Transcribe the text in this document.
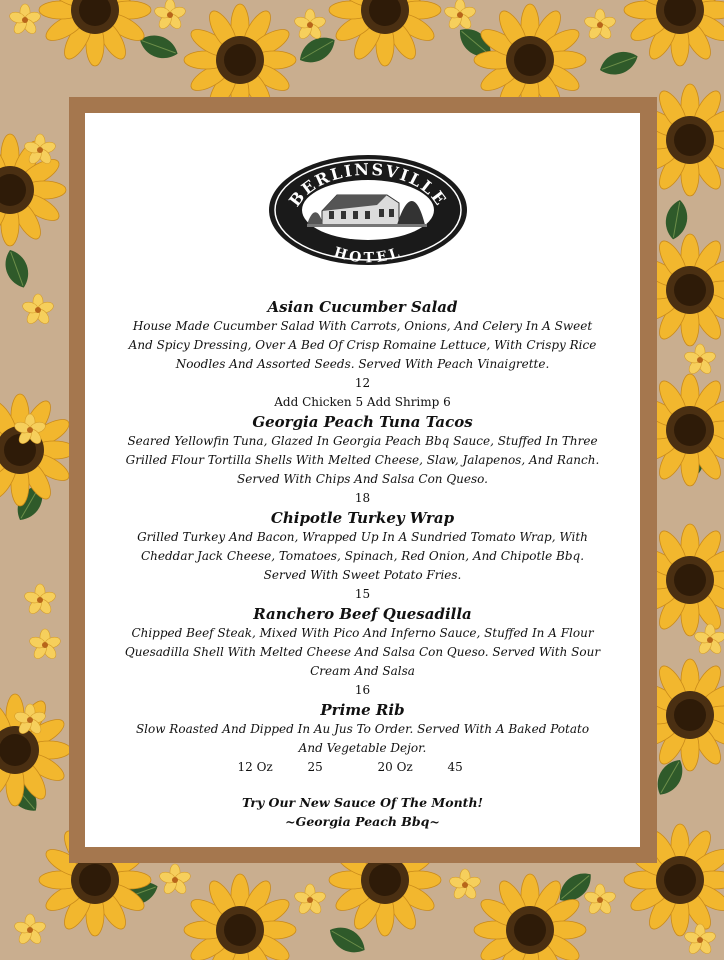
BERLINSVILLE
HOTEL

Asian Cucumber Salad

House Made Cucumber Salad With Carrots, Onions, And Celery In A Sweet
And Spicy Dressing, Over A Bed Of Crisp Romaine Lettuce, With Crispy Rice
Noodles And Assorted Seeds. Served With Peach Vinaigrette.

12

Add Chicken 5 Add Shrimp 6

Georgia Peach Tuna Tacos

Seared Yellowfin Tuna, Glazed In Georgia Peach Bbq Sauce, Stuffed In Three
Grilled Flour Tortilla Shells With Melted Cheese, Slaw, Jalapenos, And Ranch.
Served With Chips And Salsa Con Queso.

18

Chipotle Turkey Wrap

Grilled Turkey And Bacon, Wrapped Up In A Sundried Tomato Wrap, With
Cheddar Jack Cheese, Tomatoes, Spinach, Red Onion, And Chipotle Bbq.
Served With Sweet Potato Fries.

15

Ranchero Beef Quesadilla

Chipped Beef Steak, Mixed With Pico And Inferno Sauce, Stuffed In A Flour
Quesadilla Shell With Melted Cheese And Salsa Con Queso. Served With Sour
Cream And Salsa

16

Prime Rib

Slow Roasted And Dipped In Au Jus To Order. Served With A Baked Potato
And Vegetable Dejor.

12 Oz	25	20 Oz	45

Try Our New Sauce Of The Month!

~Georgia Peach Bbq~
